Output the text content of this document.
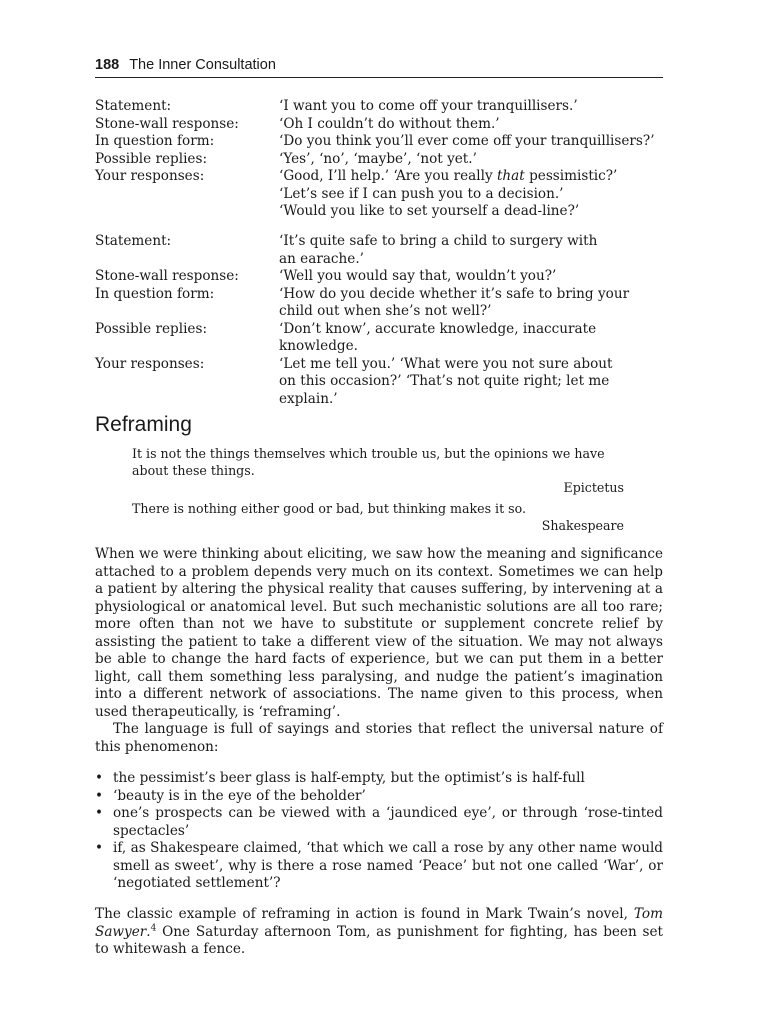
188 The Inner Consultation
Statement:	‘I want you to come off your tranquillisers.’
Stone-wall response:	‘Oh I couldn’t do without them.’
In question form:	‘Do you think you’ll ever come off your tranquillisers?’
Possible replies:	‘Yes’, ‘no’, ‘maybe’, ‘not yet.’
Your responses:	‘Good, I’ll help.’ ‘Are you really that pessimistic?’
‘Let’s see if I can push you to a decision.’
‘Would you like to set yourself a dead-line?’
Statement:	‘It’s quite safe to bring a child to surgery with
an earache.’
Stone-wall response:	‘Well you would say that, wouldn’t you?’
In question form:	‘How do you decide whether it’s safe to bring your
child out when she’s not well?’
Possible replies:	‘Don’t know’, accurate knowledge, inaccurate
knowledge.
Your responses:	‘Let me tell you.’ ‘What were you not sure about
on this occasion?’ ‘That’s not quite right; let me explain.’
Reframing
It is not the things themselves which trouble us, but the opinions we have
about these things.
Epictetus
There is nothing either good or bad, but thinking makes it so.
Shakespeare
When we were thinking about eliciting, we saw how the meaning and significance attached to a problem depends very much on its context. Sometimes we can help a patient by altering the physical reality that causes suffering, by intervening at a physiological or anatomical level. But such mechanistic solutions are all too rare; more often than not we have to substitute or supplement concrete relief by assisting the patient to take a different view of the situation. We may not always be able to change the hard facts of experience, but we can put them in a better light, call them something less paralysing, and nudge the patient’s imagination into a different network of associations. The name given to this process, when used therapeutically, is ‘reframing’.
The language is full of sayings and stories that reflect the universal nature of this phenomenon:
• the pessimist’s beer glass is half-empty, but the optimist’s is half-full
• ‘beauty is in the eye of the beholder’
• one’s prospects can be viewed with a ‘jaundiced eye’, or through ‘rose-tinted spectacles’
• if, as Shakespeare claimed, ‘that which we call a rose by any other name would smell as sweet’, why is there a rose named ‘Peace’ but not one called ‘War’, or ‘negotiated settlement’?
The classic example of reframing in action is found in Mark Twain’s novel, Tom Sawyer.$^4$ One Saturday afternoon Tom, as punishment for fighting, has been set to whitewash a fence.
